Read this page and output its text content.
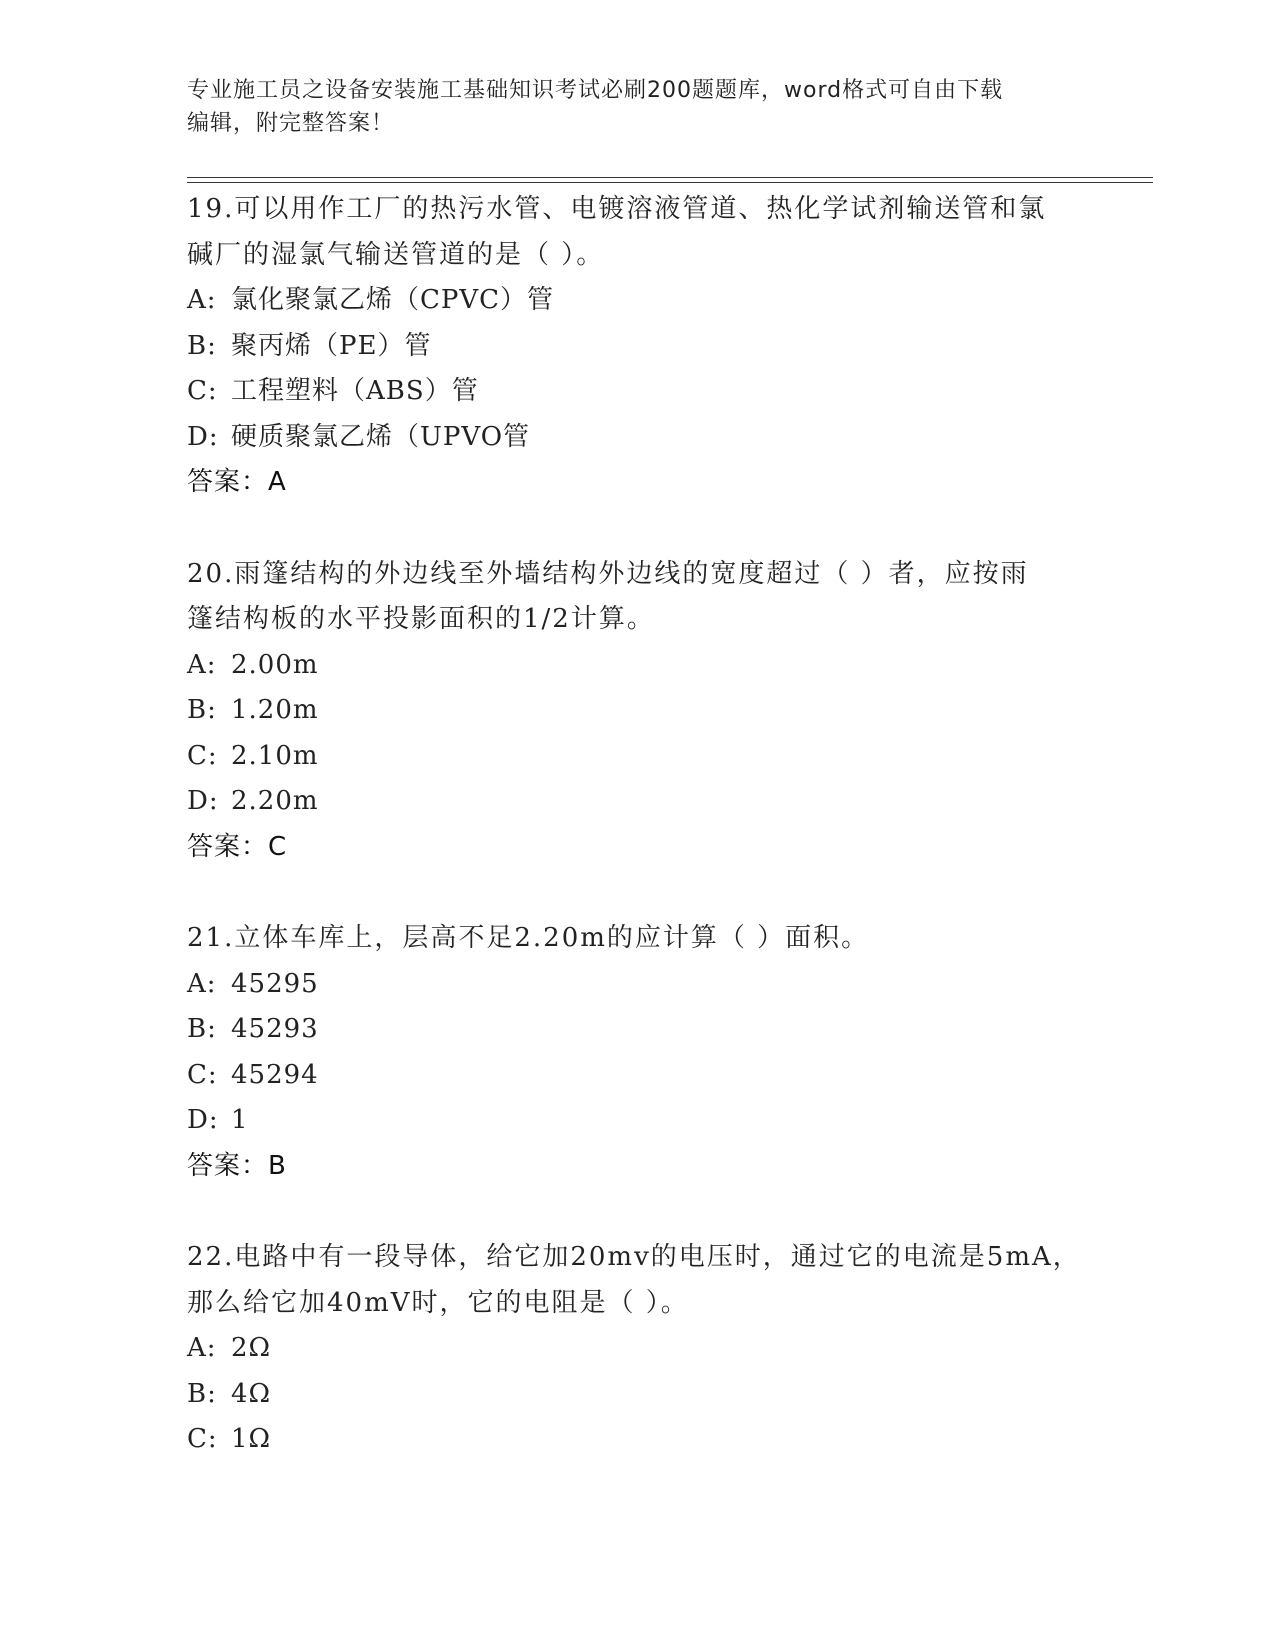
专业施工员之设备安装施工基础知识考试必刷200题题库，word格式可自由下载
编辑，附完整答案！
19.可以用作工厂的热污水管、电镀溶液管道、热化学试剂输送管和氯
碱厂的湿氯气输送管道的是（ ）。
A: 氯化聚氯乙烯（CPVC）管
B: 聚丙烯（PE）管
C: 工程塑料（ABS）管
D: 硬质聚氯乙烯（UPVO管
答案：A
20.雨篷结构的外边线至外墙结构外边线的宽度超过（ ）者，应按雨
篷结构板的水平投影面积的1/2计算。
A: 2.00m
B: 1.20m
C: 2.10m
D: 2.20m
答案：C
21.立体车库上，层高不足2.20m的应计算（ ）面积。
A: 45295
B: 45293
C: 45294
D: 1
答案：B
22.电路中有一段导体，给它加20mv的电压时，通过它的电流是5mA，
那么给它加40mV时，它的电阻是（ ）。
A: 2Ω
B: 4Ω
C: 1Ω
